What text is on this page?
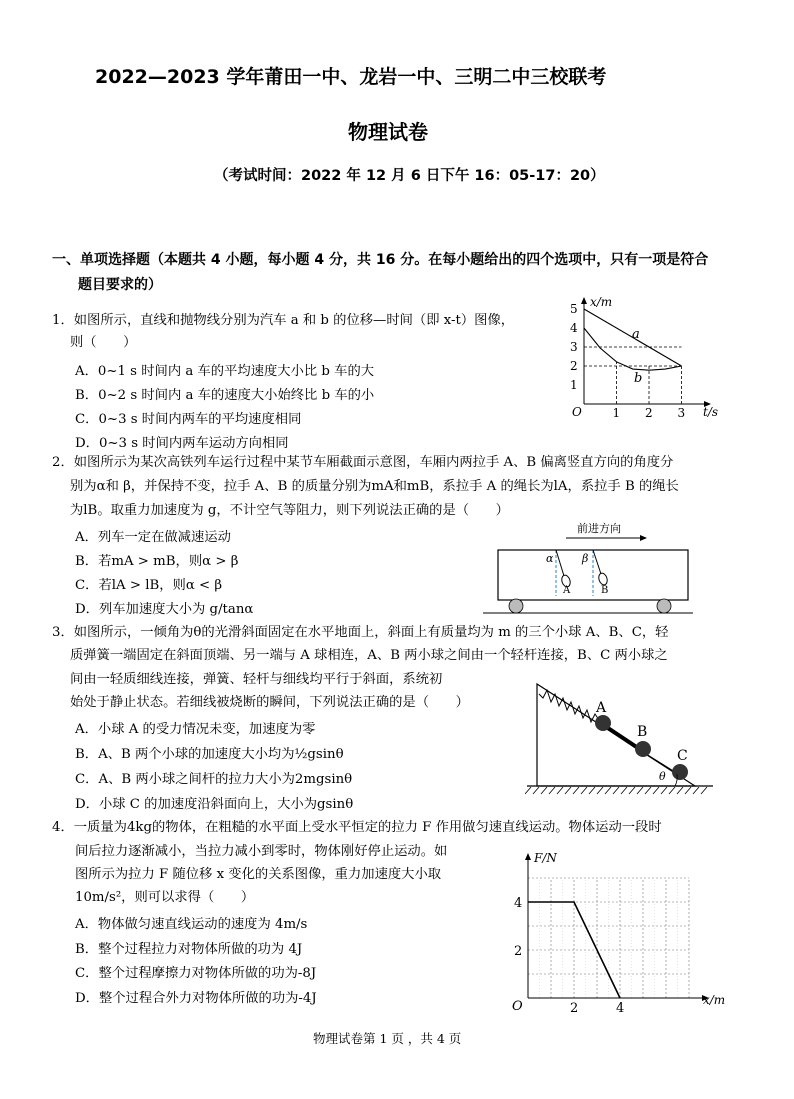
2022—2023 学年莆田一中、龙岩一中、三明二中三校联考
物理试卷
（考试时间：2022 年 12 月 6 日下午 16：05-17：20）
一、单项选择题（本题共 4 小题，每小题 4 分，共 16 分。在每小题给出的四个选项中，只有一项是符合
题目要求的）
1．如图所示，直线和抛物线分别为汽车 a 和 b 的位移—时间（即 x-t）图像，
则（　　）
A．0~1 s 时间内 a 车的平均速度大小比 b 车的大
B．0~2 s 时间内 a 车的速度大小始终比 b 车的小
C．0~3 s 时间内两车的平均速度相同
D．0~3 s 时间内两车运动方向相同
1
2
3
4
5
1 2 3
x/m
t/s
O
a
b
2．如图所示为某次高铁列车运行过程中某节车厢截面示意图，车厢内两拉手 A、B 偏离竖直方向的角度分
别为α和 β，并保持不变，拉手 A、B 的质量分别为mA和mB，系拉手 A 的绳长为lA，系拉手 B 的绳长
为lB。取重力加速度为 g，不计空气等阻力，则下列说法正确的是（　　）
A．列车一定在做减速运动
B．若mA > mB，则α > β
C．若lA > lB，则α < β
D．列车加速度大小为 g/tanα
前进方向
α	β
A	B
3．如图所示，一倾角为θ的光滑斜面固定在水平地面上，斜面上有质量均为 m 的三个小球 A、B、C，轻
质弹簧一端固定在斜面顶端、另一端与 A 球相连，A、B 两小球之间由一个轻杆连接，B、C 两小球之
间由一轻质细线连接，弹簧、轻杆与细线均平行于斜面，系统初
始处于静止状态。若细线被烧断的瞬间，下列说法正确的是（　　）
A．小球 A 的受力情况未变，加速度为零
B．A、B 两个小球的加速度大小均为½gsinθ
C．A、B 两小球之间杆的拉力大小为2mgsinθ
D．小球 C 的加速度沿斜面向上，大小为gsinθ
A
B
C
θ
4．一质量为4kg的物体，在粗糙的水平面上受水平恒定的拉力 F 作用做匀速直线运动。物体运动一段时
间后拉力逐渐减小，当拉力减小到零时，物体刚好停止运动。如
图所示为拉力 F 随位移 x 变化的关系图像，重力加速度大小取
10m/s²，则可以求得（　　）
A．物体做匀速直线运动的速度为 4m/s
B．整个过程拉力对物体所做的功为 4J
C．整个过程摩擦力对物体所做的功为-8J
D．整个过程合外力对物体所做的功为-4J
2
4
2	4
F/N
x/m
O
物理试卷第 1 页 ，共 4 页
